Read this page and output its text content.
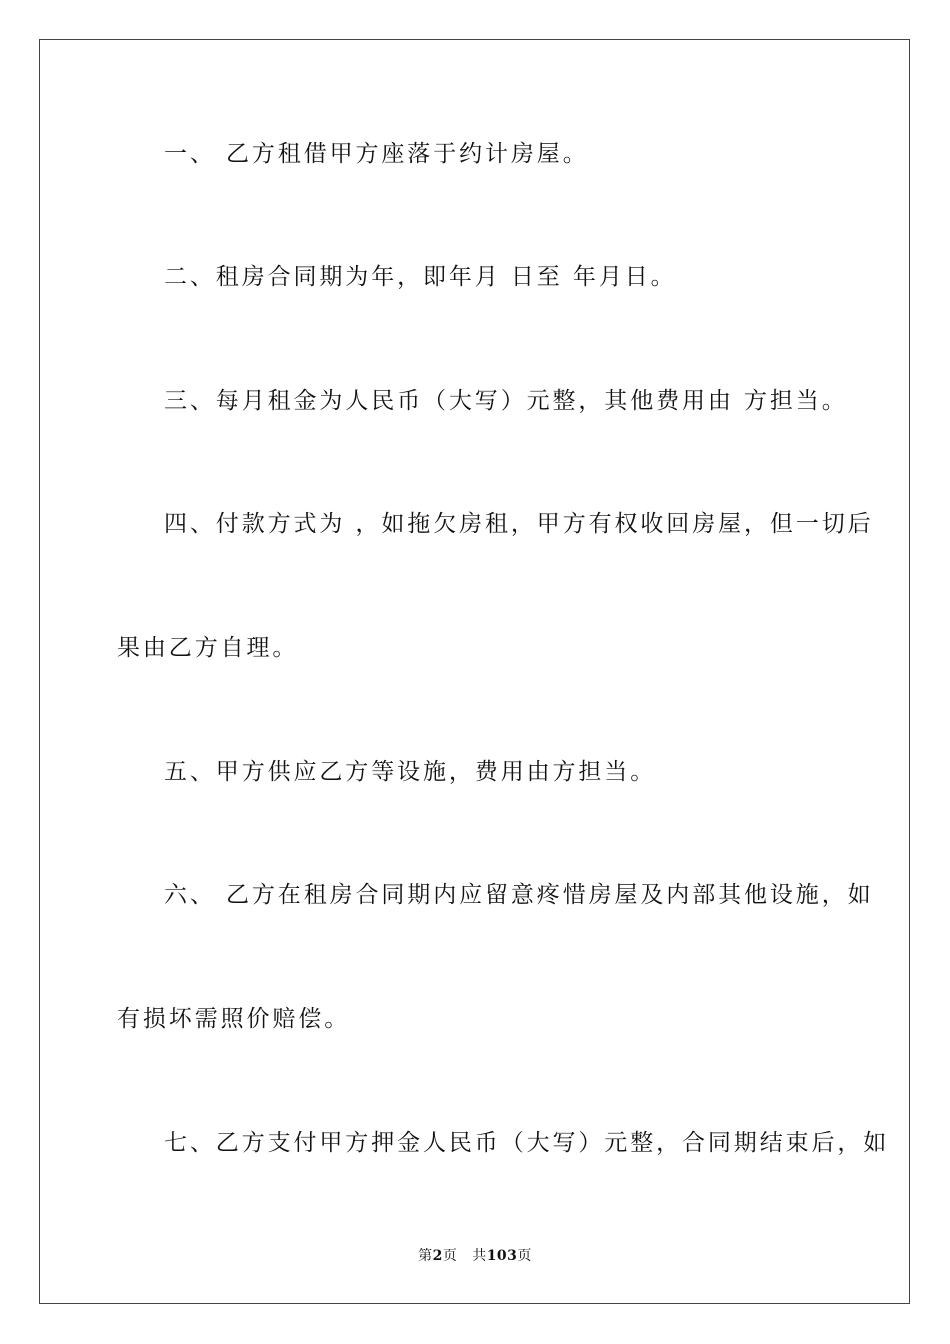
一、 乙方租借甲方座落于约计房屋。
二、租房合同期为年，即年月 日至 年月日。
三、每月租金为人民币（大写）元整，其他费用由 方担当。
四、付款方式为 ，如拖欠房租，甲方有权收回房屋，但一切后
果由乙方自理。
五、甲方供应乙方等设施，费用由方担当。
六、 乙方在租房合同期内应留意疼惜房屋及内部其他设施，如
有损坏需照价赔偿。
七、乙方支付甲方押金人民币（大写）元整，合同期结束后，如
第2页 共103页
